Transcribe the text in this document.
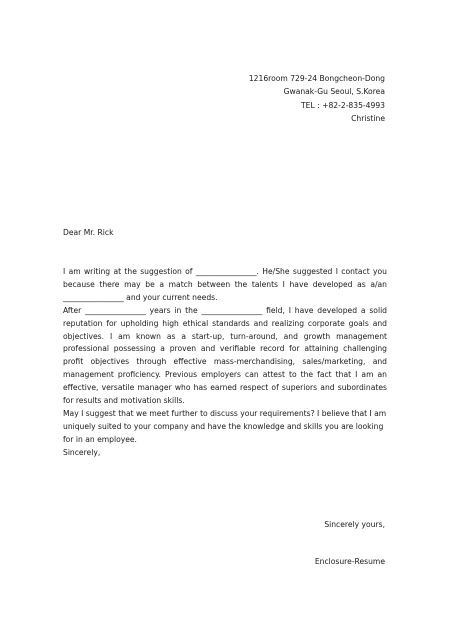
1216room 729-24 Bongcheon-Dong
Gwanak-Gu Seoul, S.Korea
TEL : +82-2-835-4993
Christine
Dear Mr. Rick

I am writing at the suggestion of ________________. He/She suggested I contact you because there may be a match between the talents I have developed as a/an ________________ and your current needs.

After ________________ years in the ________________ field, I have developed a solid reputation for upholding high ethical standards and realizing corporate goals and objectives. I am known as a start-up, turn-around, and growth management professional possessing a proven and verifiable record for attaining challenging profit objectives through effective mass-merchandising, sales/marketing, and management proficiency. Previous employers can attest to the fact that I am an effective, versatile manager who has earned respect of superiors and subordinates for results and motivation skills.

May I suggest that we meet further to discuss your requirements? I believe that I am uniquely suited to your company and have the knowledge and skills you are looking for in an employee.

Sincerely,

Sincerely yours,
Enclosure-Resume
